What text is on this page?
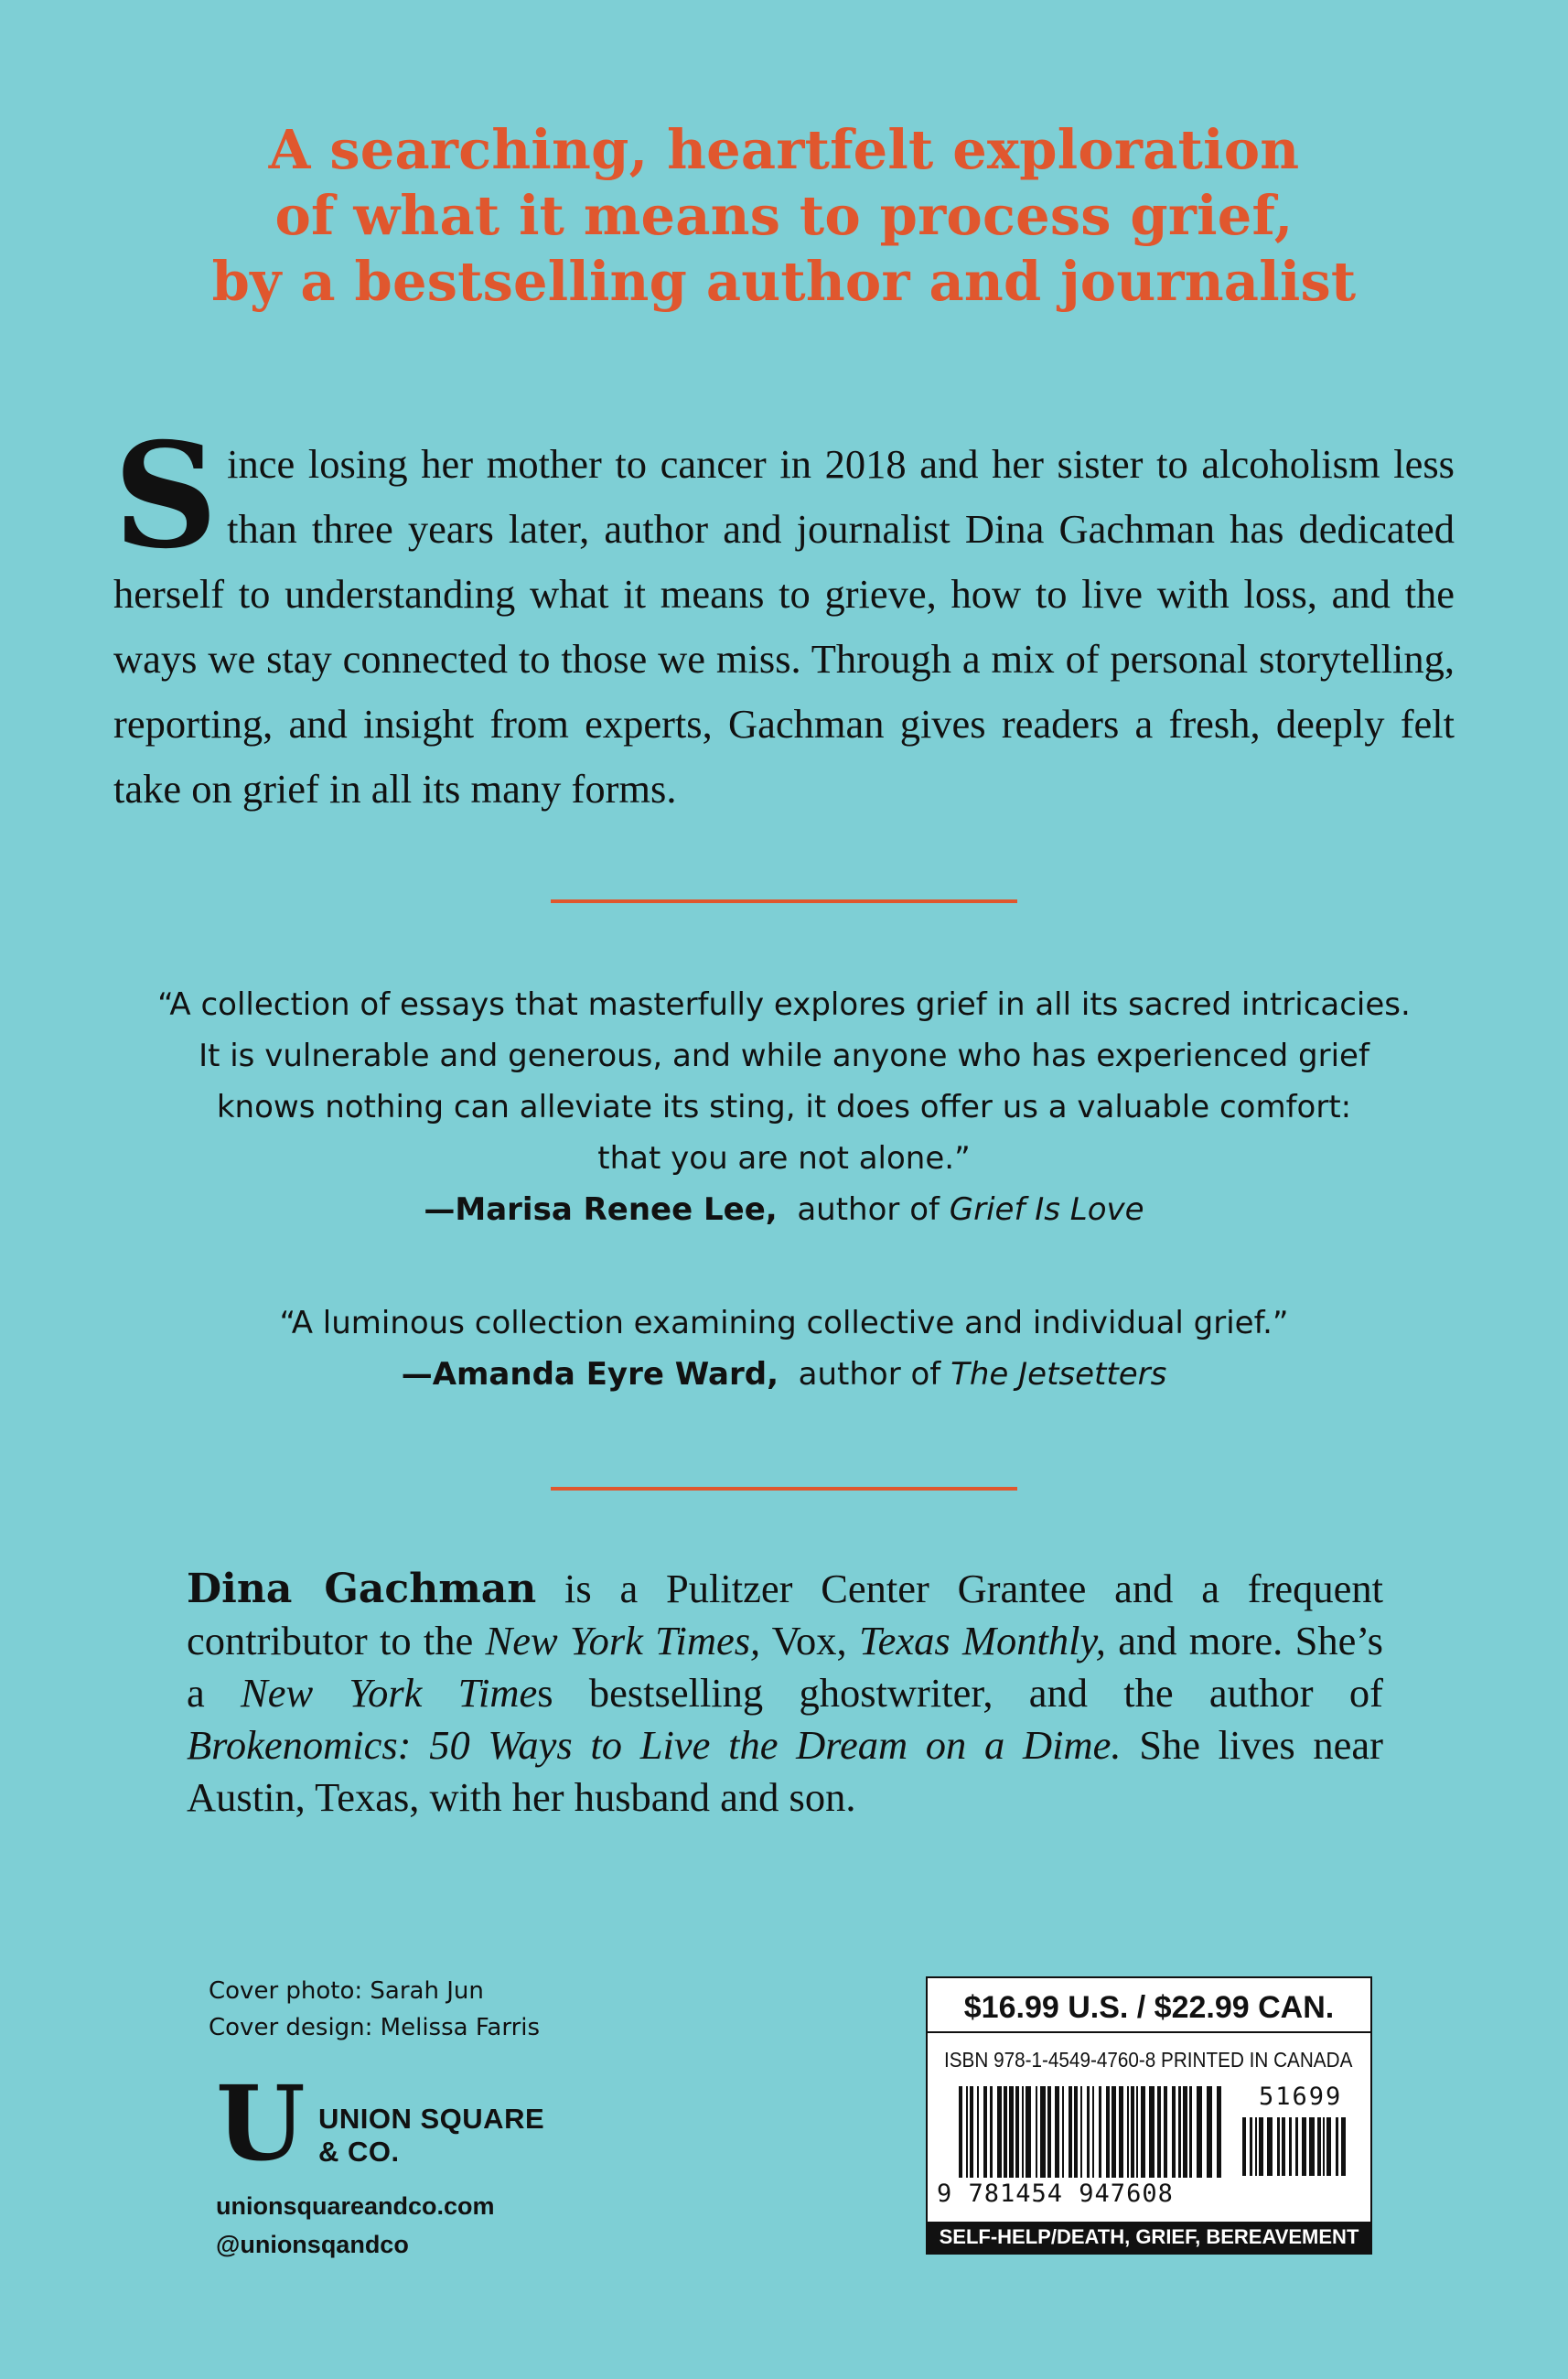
A searching, heartfelt exploration
of what it means to process grief,
by a bestselling author and journalist
Since losing her mother to cancer in 2018 and her sister to alcoholism less than three years later, author and journalist Dina Gachman has dedicated herself to understanding what it means to grieve, how to live with loss, and the ways we stay connected to those we miss. Through a mix of personal storytelling, reporting, and insight from experts, Gachman gives readers a fresh, deeply felt take on grief in all its many forms.
“A collection of essays that masterfully explores grief in all its sacred intricacies.
It is vulnerable and generous, and while anyone who has experienced grief
knows nothing can alleviate its sting, it does offer us a valuable comfort:
that you are not alone.”
—Marisa Renee Lee, author of Grief Is Love
“A luminous collection examining collective and individual grief.”
—Amanda Eyre Ward, author of The Jetsetters
Dina Gachman is a Pulitzer Center Grantee and a frequent contributor to the New York Times, Vox, Texas Monthly, and more. She’s a New York Times bestselling ghostwriter, and the author of Brokenomics: 50 Ways to Live the Dream on a Dime. She lives near Austin, Texas, with her husband and son.
Cover photo: Sarah Jun
Cover design: Melissa Farris
U UNION SQUARE
& CO.
unionsquareandco.com
@unionsqandco
$16.99 U.S. / $22.99 CAN.
ISBN 978-1-4549-4760-8 PRINTED IN CANADA
51699
9 781454 947608
SELF-HELP/DEATH, GRIEF, BEREAVEMENT
